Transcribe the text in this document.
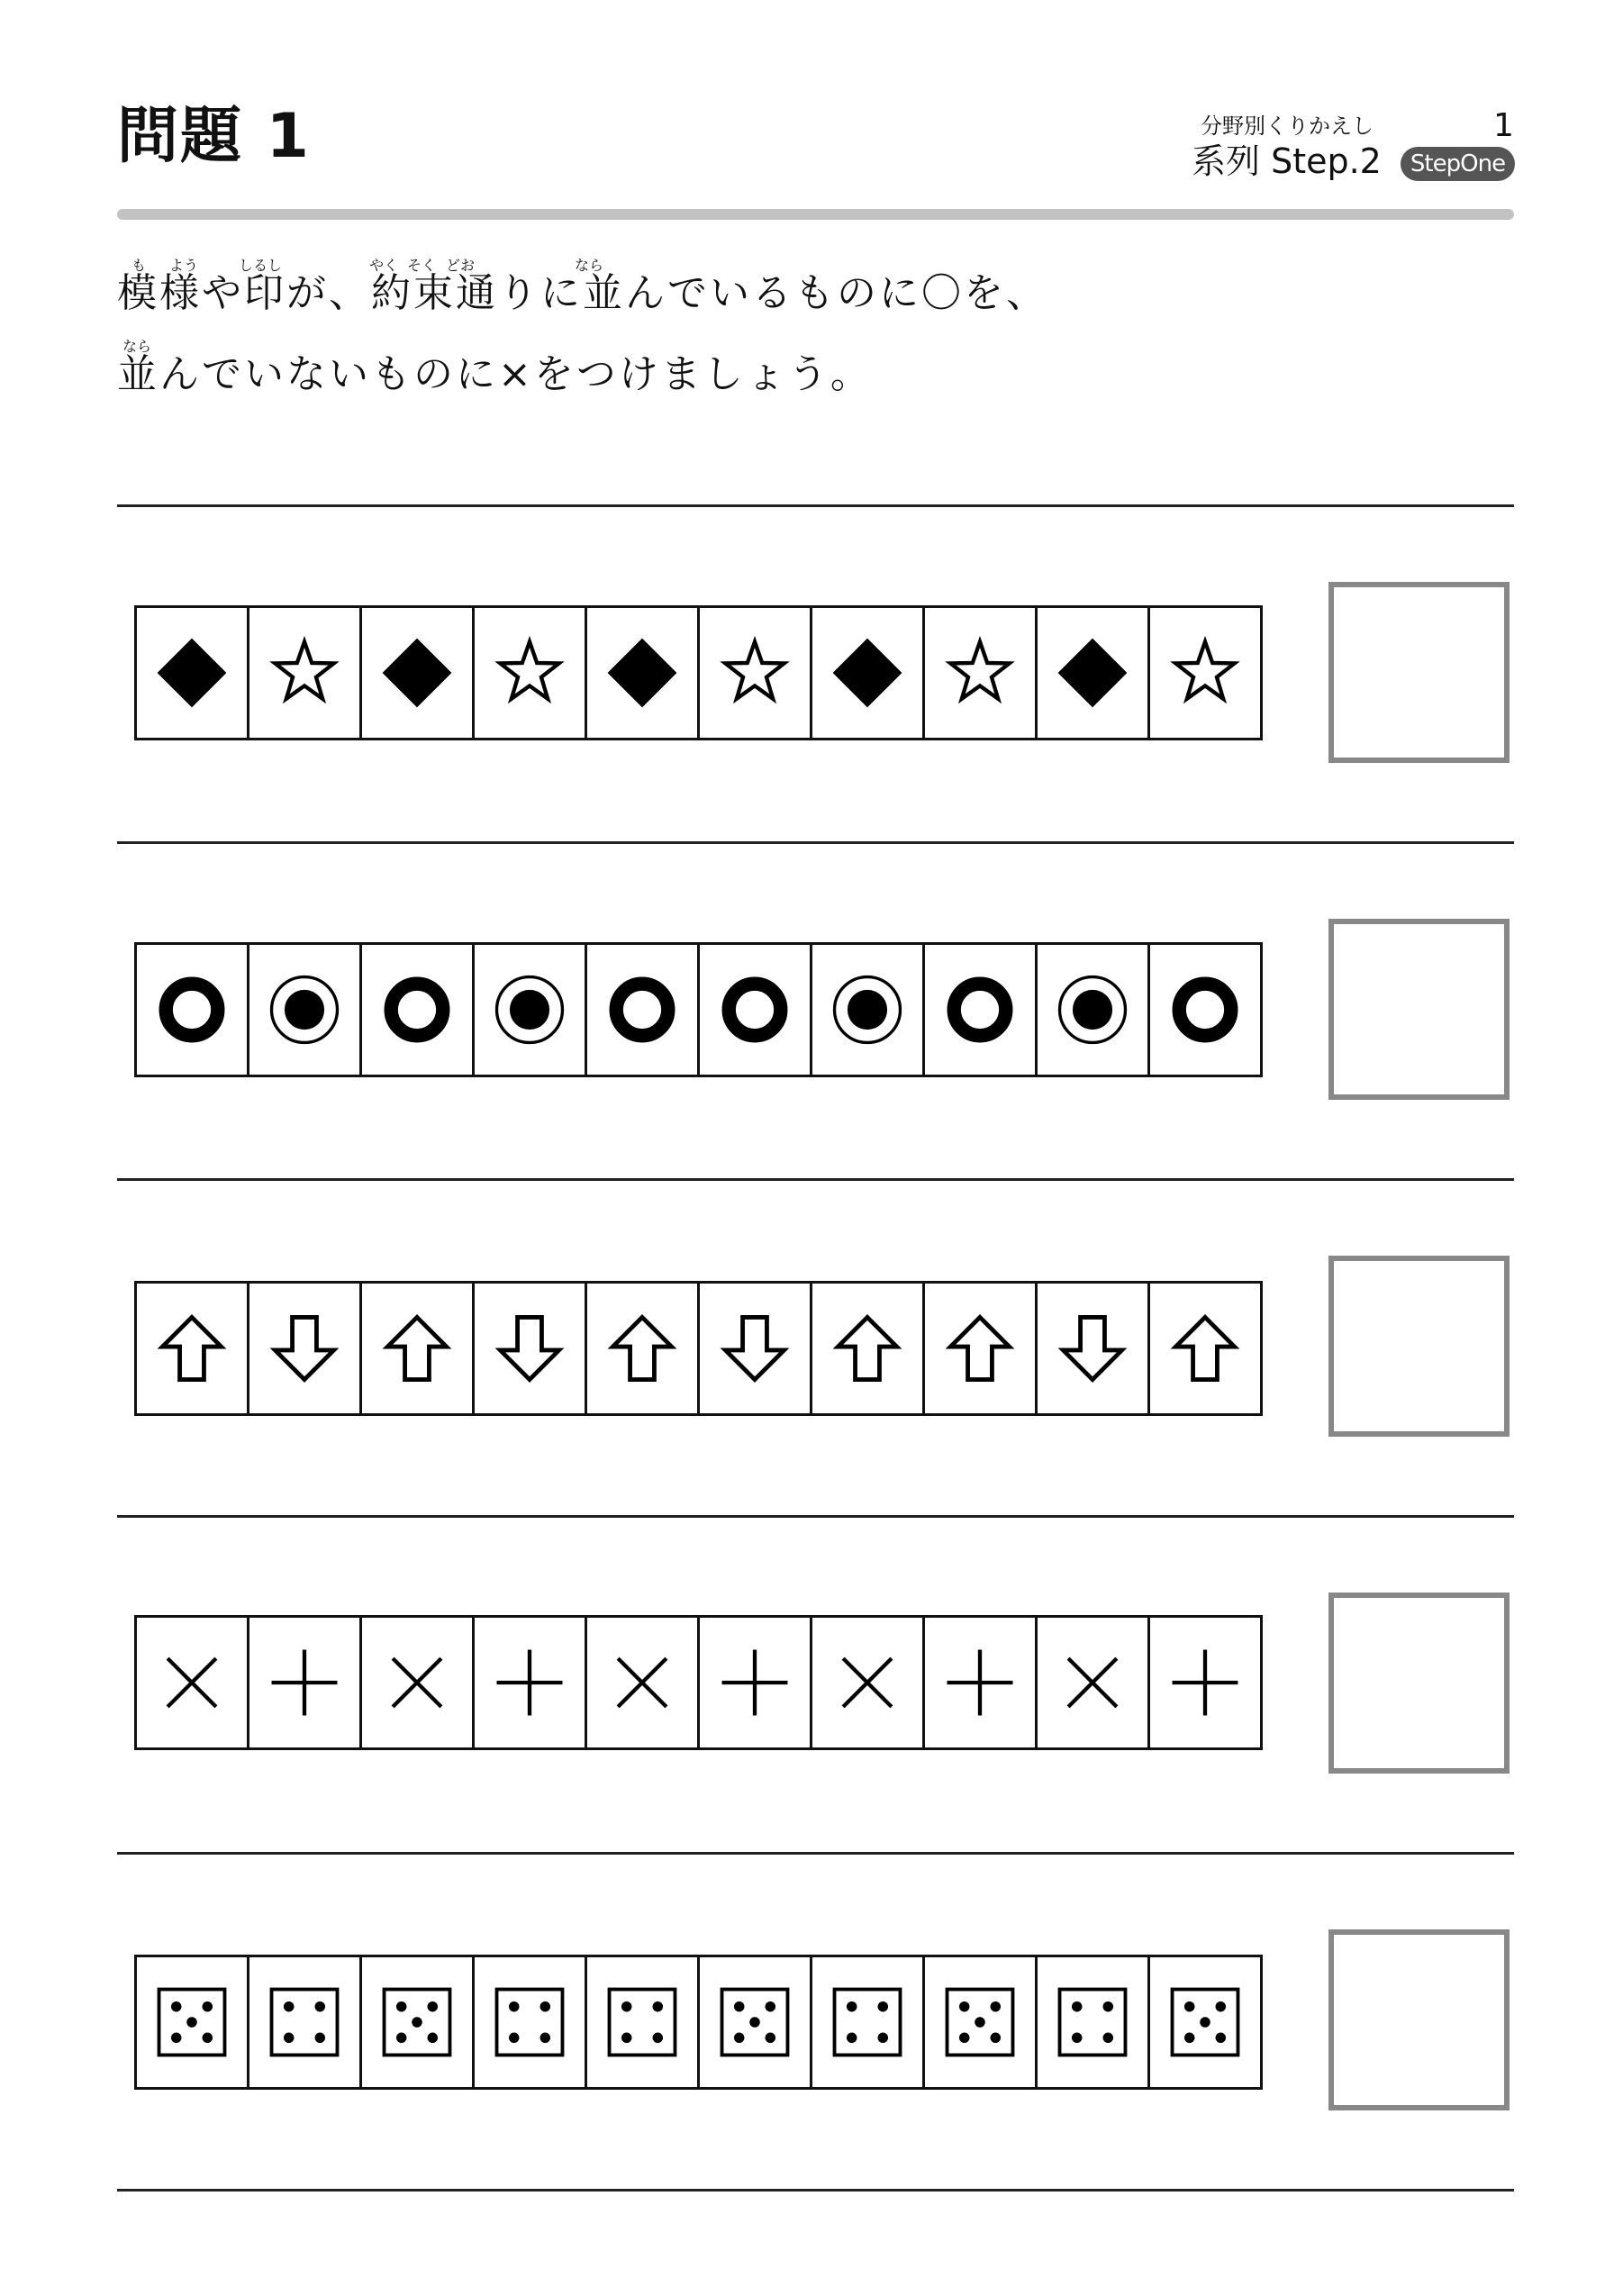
問題 1	分野別くりかえし	1
系列 Step.2	StepOne
も よう	しるし	やく そく どお	なら
模様や印が、約束通りに並んでいるものに〇を、
なら
並んでいないものに×をつけましょう。
